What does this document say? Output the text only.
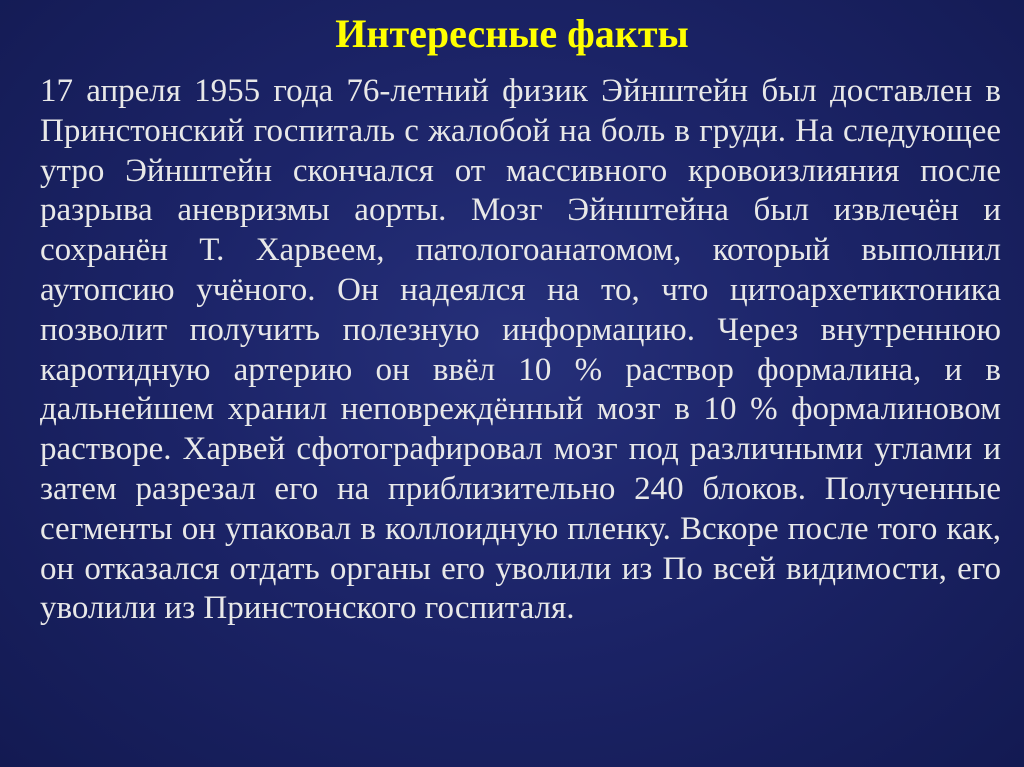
Интересные факты

17 апреля 1955 года 76-летний физик Эйнштейн был доставлен в Принстонский госпиталь с жалобой на боль в груди. На следующее утро Эйнштейн скончался от массивного кровоизлияния после разрыва аневризмы аорты. Мозг Эйнштейна был извлечён и сохранён Т. Харвеем, патологоанатомом, который выполнил аутопсию учёного. Он надеялся на то, что цитоархетиктоника позволит получить полезную информацию. Через внутреннюю каротидную артерию он ввёл 10 % раствор формалина, и в дальнейшем хранил неповреждённый мозг в 10 % формалиновом растворе. Харвей сфотографировал мозг под различными углами и затем разрезал его на приблизительно 240 блоков. Полученные сегменты он упаковал в коллоидную пленку. Вскоре после того как, он отказался отдать органы его уволили из По всей видимости, его уволили из Принстонского госпиталя.
